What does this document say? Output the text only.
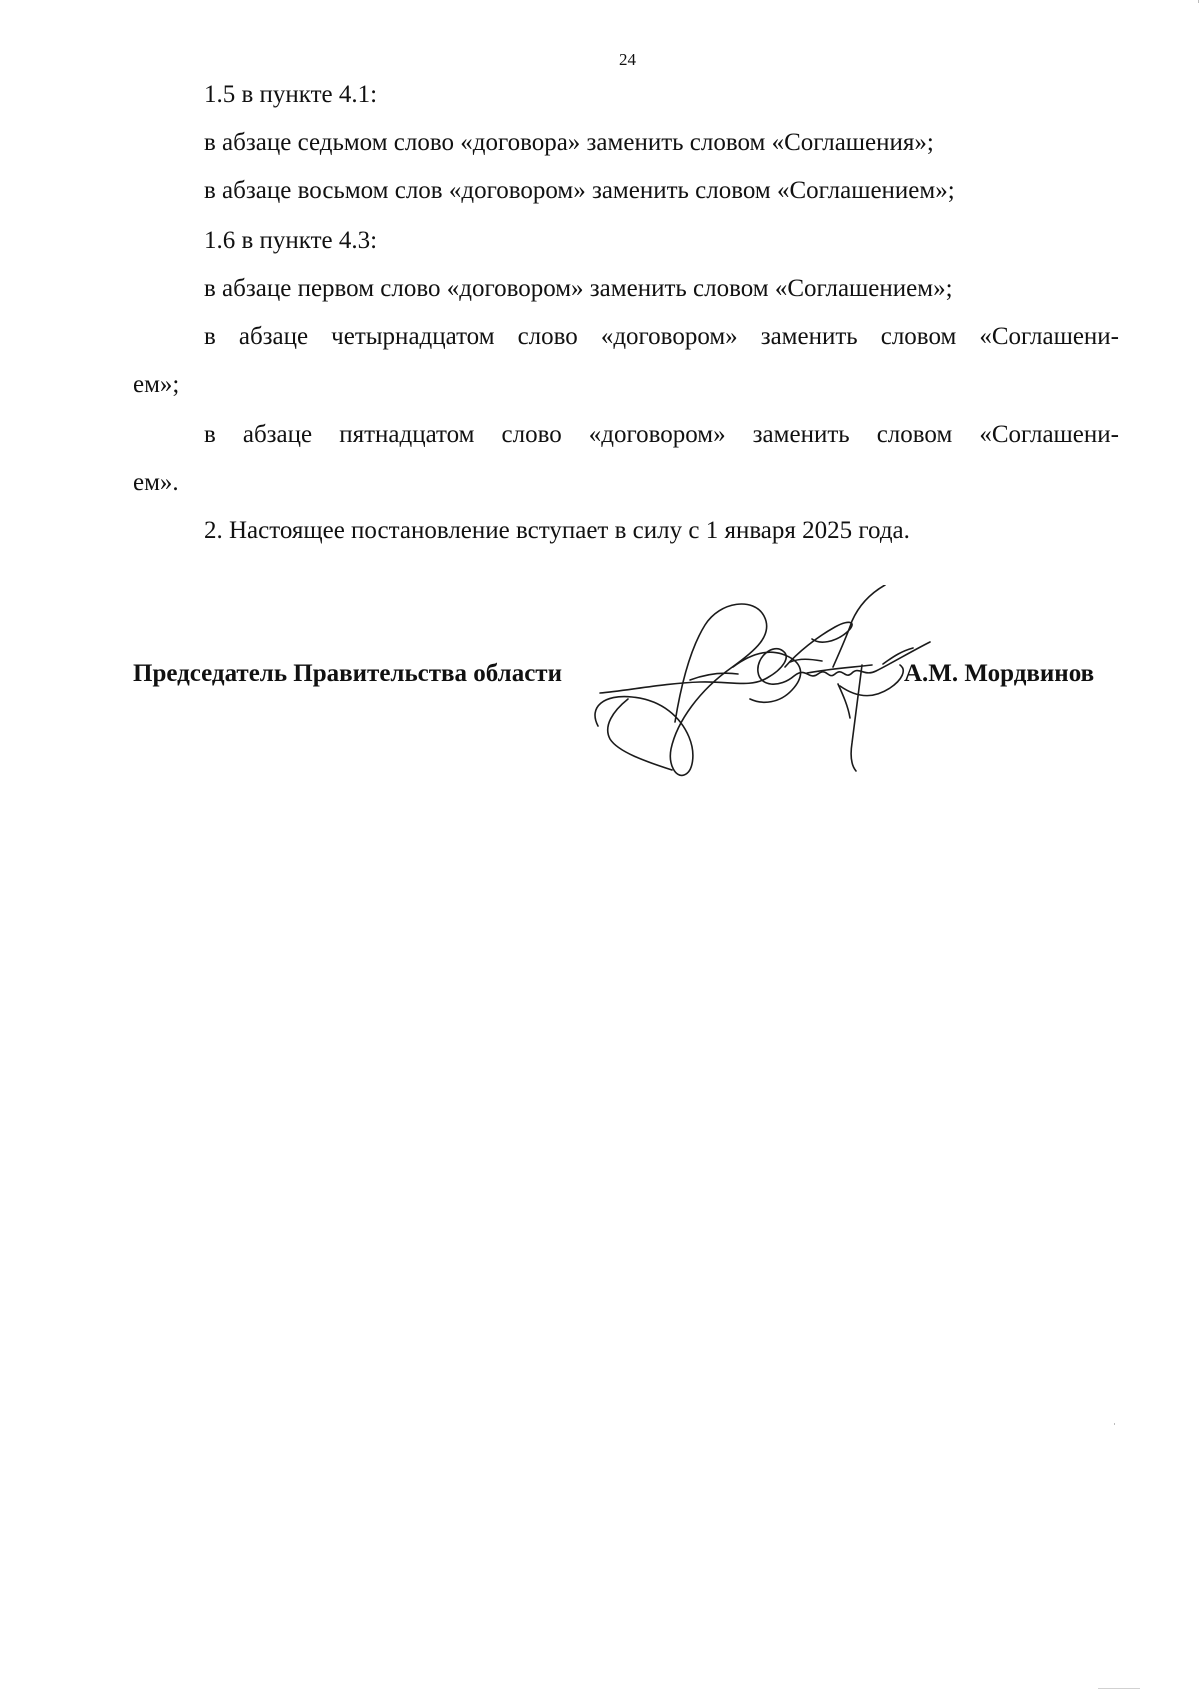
24
1.5 в пункте 4.1:
в абзаце седьмом слово «договора» заменить словом «Соглашения»;
в абзаце восьмом слов «договором» заменить словом «Соглашением»;
1.6 в пункте 4.3:
в абзаце первом слово «договором» заменить словом «Соглашением»;
в абзаце четырнадцатом слово «договором» заменить словом «Соглашени-
ем»;
в абзаце пятнадцатом слово «договором» заменить словом «Соглашени-
ем».
2. Настоящее постановление вступает в силу с 1 января 2025 года.
Председатель Правительства области	А.М. Мордвинов
